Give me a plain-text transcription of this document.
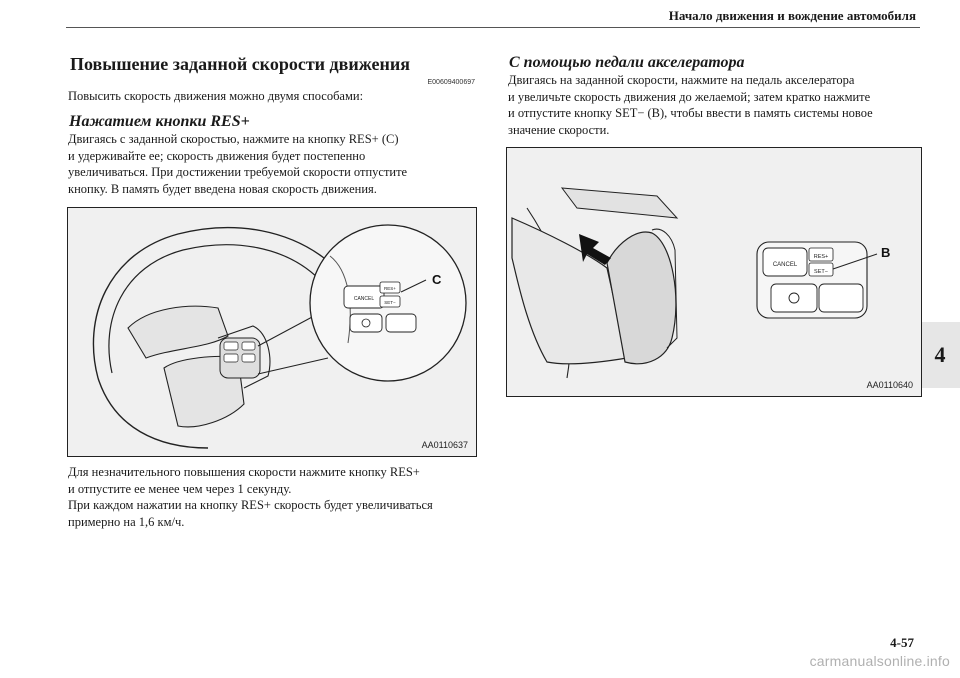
Начало движения и вождение автомобиля
4
Повышение заданной скорости движения
E00609400697
Повысить скорость движения можно двумя способами:
Нажатием кнопки RES+
Двигаясь с заданной скоростью, нажмите на кнопку RES+ (C)
и удерживайте ее; скорость движения будет постепенно
увеличиваться. При достижении требуемой скорости отпустите
кнопку. В память будет введена новая скорость движения.
CANCEL
RES+
SET−
C
AA0110637
Для незначительного повышения скорости нажмите кнопку RES+
и отпустите ее менее чем через 1 секунду.
При каждом нажатии на кнопку RES+ скорость будет увеличиваться
примерно на 1,6 км/ч.
С помощью педали акселератора
Двигаясь на заданной скорости, нажмите на педаль акселератора
и увеличьте скорость движения до желаемой; затем кратко нажмите
и отпустите кнопку SET− (B), чтобы ввести в память системы новое
значение скорости.
CANCEL
RES+
SET−
B
AA0110640
4-57
carmanualsonline.info
